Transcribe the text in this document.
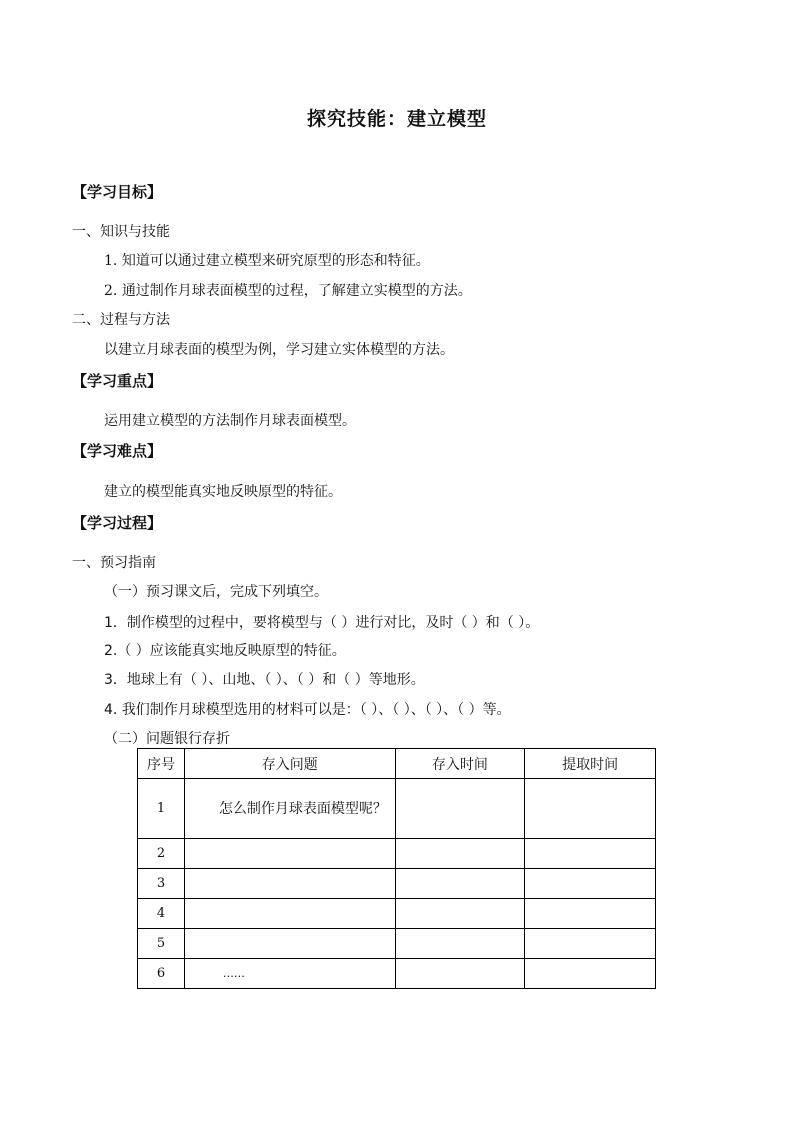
探究技能：建立模型
【学习目标】
一、知识与技能
1. 知道可以通过建立模型来研究原型的形态和特征。
2. 通过制作月球表面模型的过程，了解建立实模型的方法。
二、过程与方法
以建立月球表面的模型为例，学习建立实体模型的方法。
【学习重点】
运用建立模型的方法制作月球表面模型。
【学习难点】
建立的模型能真实地反映原型的特征。
【学习过程】
一、预习指南
（一）预习课文后，完成下列填空。
1．制作模型的过程中，要将模型与（ ）进行对比，及时（ ）和（ ）。
2.（ ）应该能真实地反映原型的特征。
3．地球上有（ ）、山地、（ ）、（ ）和（ ）等地形。
4. 我们制作月球模型选用的材料可以是：（ ）、（ ）、（ ）、（ ）等。
（二）问题银行存折
序号	存入问题	存入时间	提取时间
1	怎么制作月球表面模型呢？		
2			
3			
4			
5			
6	……		
